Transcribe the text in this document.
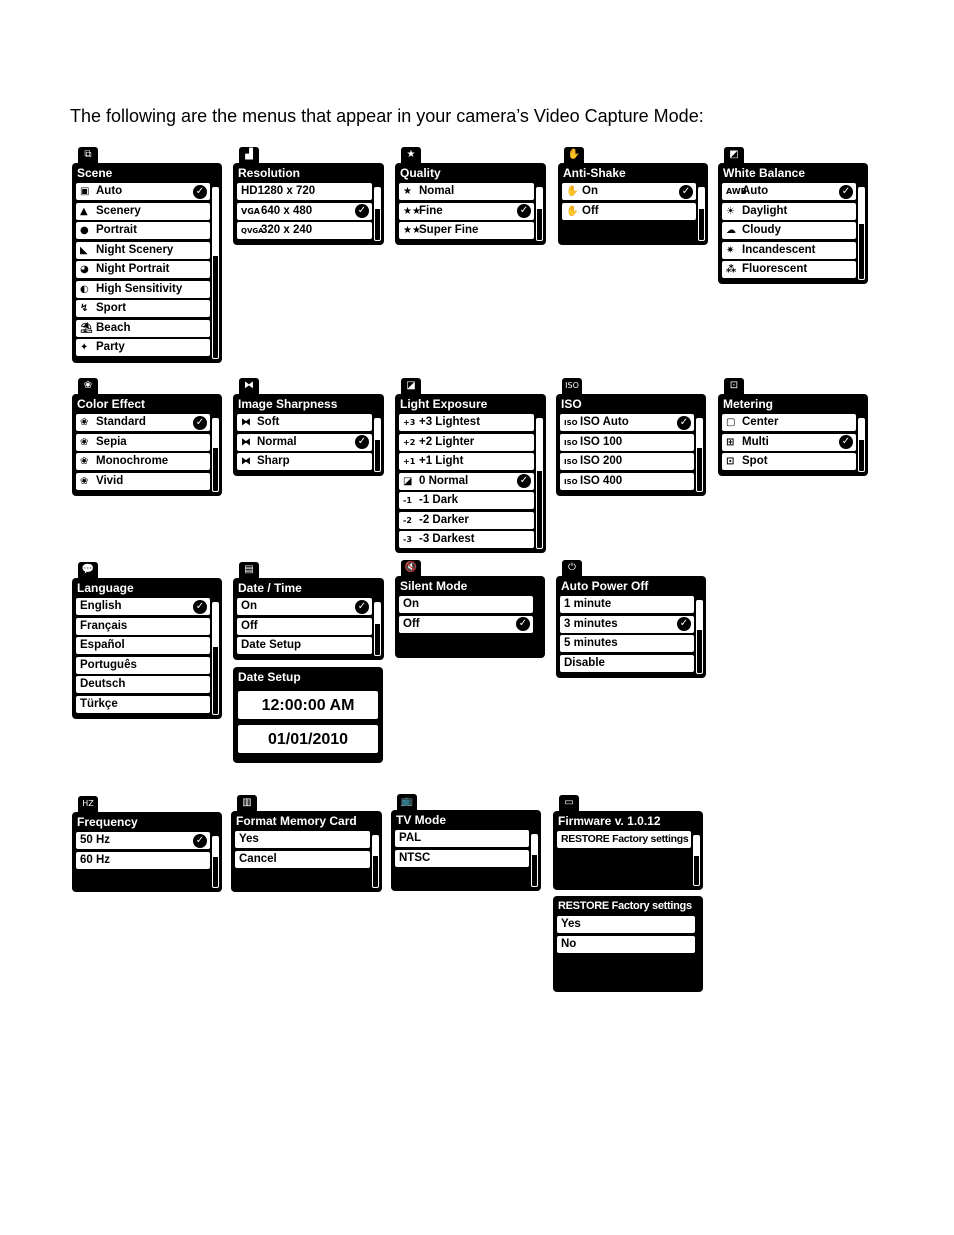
The following are the menus that appear in your camera’s Video Capture Mode:
⧉
Scene
▣ Auto	✓
▲ Scenery
● Portrait
◣ Night Scenery
◕ Night Portrait
◐ High Sensitivity
↯ Sport
⛱ Beach
✦ Party
▟
Resolution
HD1280 x 720
VGA640 x 480	✓
QVGA320 x 240
★
Quality
★ Nomal
★★Fine	✓
★★Super Fine
✋
Anti-Shake
✋ On	✓
✋ Off
◩
White Balance
AWBAuto	✓
☀ Daylight
☁ Cloudy
✷ Incandescent
⁂ Fluorescent
❀
Color Effect
❀ Standard	✓
❀ Sepia
❀ Monochrome
❀ Vivid
⧓
Image Sharpness
⧓ Soft
⧓ Normal	✓
⧓ Sharp
◪
Light Exposure
+3 +3 Lightest
+2 +2 Lighter
+1 +1 Light
◪ 0 Normal	✓
-1 -1 Dark
-2 -2 Darker
-3 -3 Darkest
ISO
ISO
ISO ISO Auto	✓
ISO ISO 100
ISO ISO 200
ISO ISO 400
⊡
Metering
▢ Center
⊞ Multi	✓
⊡ Spot
💬
Language
English	✓
Français
Español
Português
Deutsch
Türkçe
▤
Date / Time
On	✓
Off
Date Setup
Date Setup
12:00:00 AM
01/01/2010
🔇
Silent Mode
On
Off	✓
⏻
Auto Power Off
1 minute
3 minutes	✓
5 minutes
Disable
HZ
Frequency
50 Hz	✓
60 Hz
▥
Format Memory Card
Yes
Cancel
📺
TV Mode
PAL
NTSC
▭
Firmware v. 1.0.12
RESTORE Factory settings
RESTORE Factory settings
Yes
No
